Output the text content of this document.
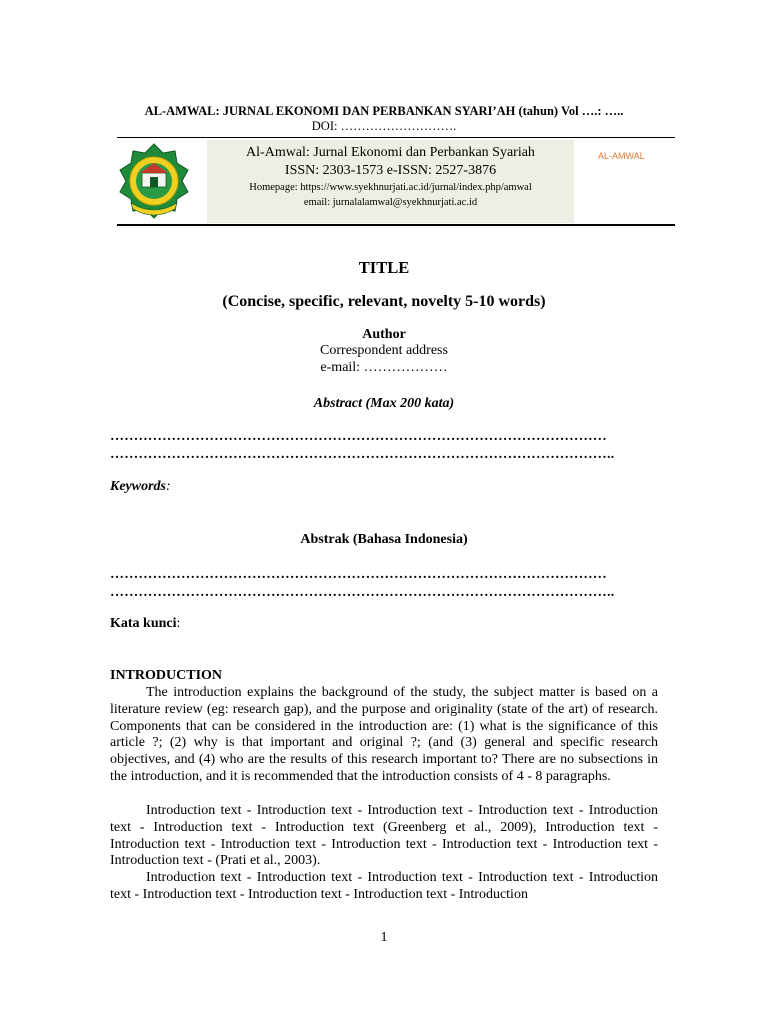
AL-AMWAL: JURNAL EKONOMI DAN PERBANKAN SYARI’AH (tahun) Vol ….: …..
DOI: ……………………….
Al-Amwal: Jurnal Ekonomi dan Perbankan Syariah
ISSN: 2303-1573 e-ISSN: 2527-3876
Homepage: https://www.syekhnurjati.ac.id/jurnal/index.php/amwal
email: jurnalalamwal@syekhnurjati.ac.id
AL-AMWAL
TITLE
(Concise, specific, relevant, novelty 5-10 words)
Author
Correspondent address
e-mail: ………………
Abstract (Max 200 kata)
……………………………………………………………………………………………
……………………………………………………………………………………………..
Keywords:
Abstrak (Bahasa Indonesia)
……………………………………………………………………………………………
……………………………………………………………………………………………..
Kata kunci:
INTRODUCTION
The introduction explains the background of the study, the subject matter is based on a literature review (eg: research gap), and the purpose and originality (state of the art) of research. Components that can be considered in the introduction are: (1) what is the significance of this article ?; (2) why is that important and original ?; (and (3) general and specific research objectives, and (4) who are the results of this research important to? There are no subsections in the introduction, and it is recommended that the introduction consists of 4 - 8 paragraphs.
Introduction text - Introduction text - Introduction text - Introduction text - Introduction text - Introduction text - Introduction text (Greenberg et al., 2009), Introduction text - Introduction text - Introduction text - Introduction text - Introduction text - Introduction text - Introduction text - (Prati et al., 2003).
Introduction text - Introduction text - Introduction text - Introduction text - Introduction text - Introduction text - Introduction text - Introduction text - Introduction
1
